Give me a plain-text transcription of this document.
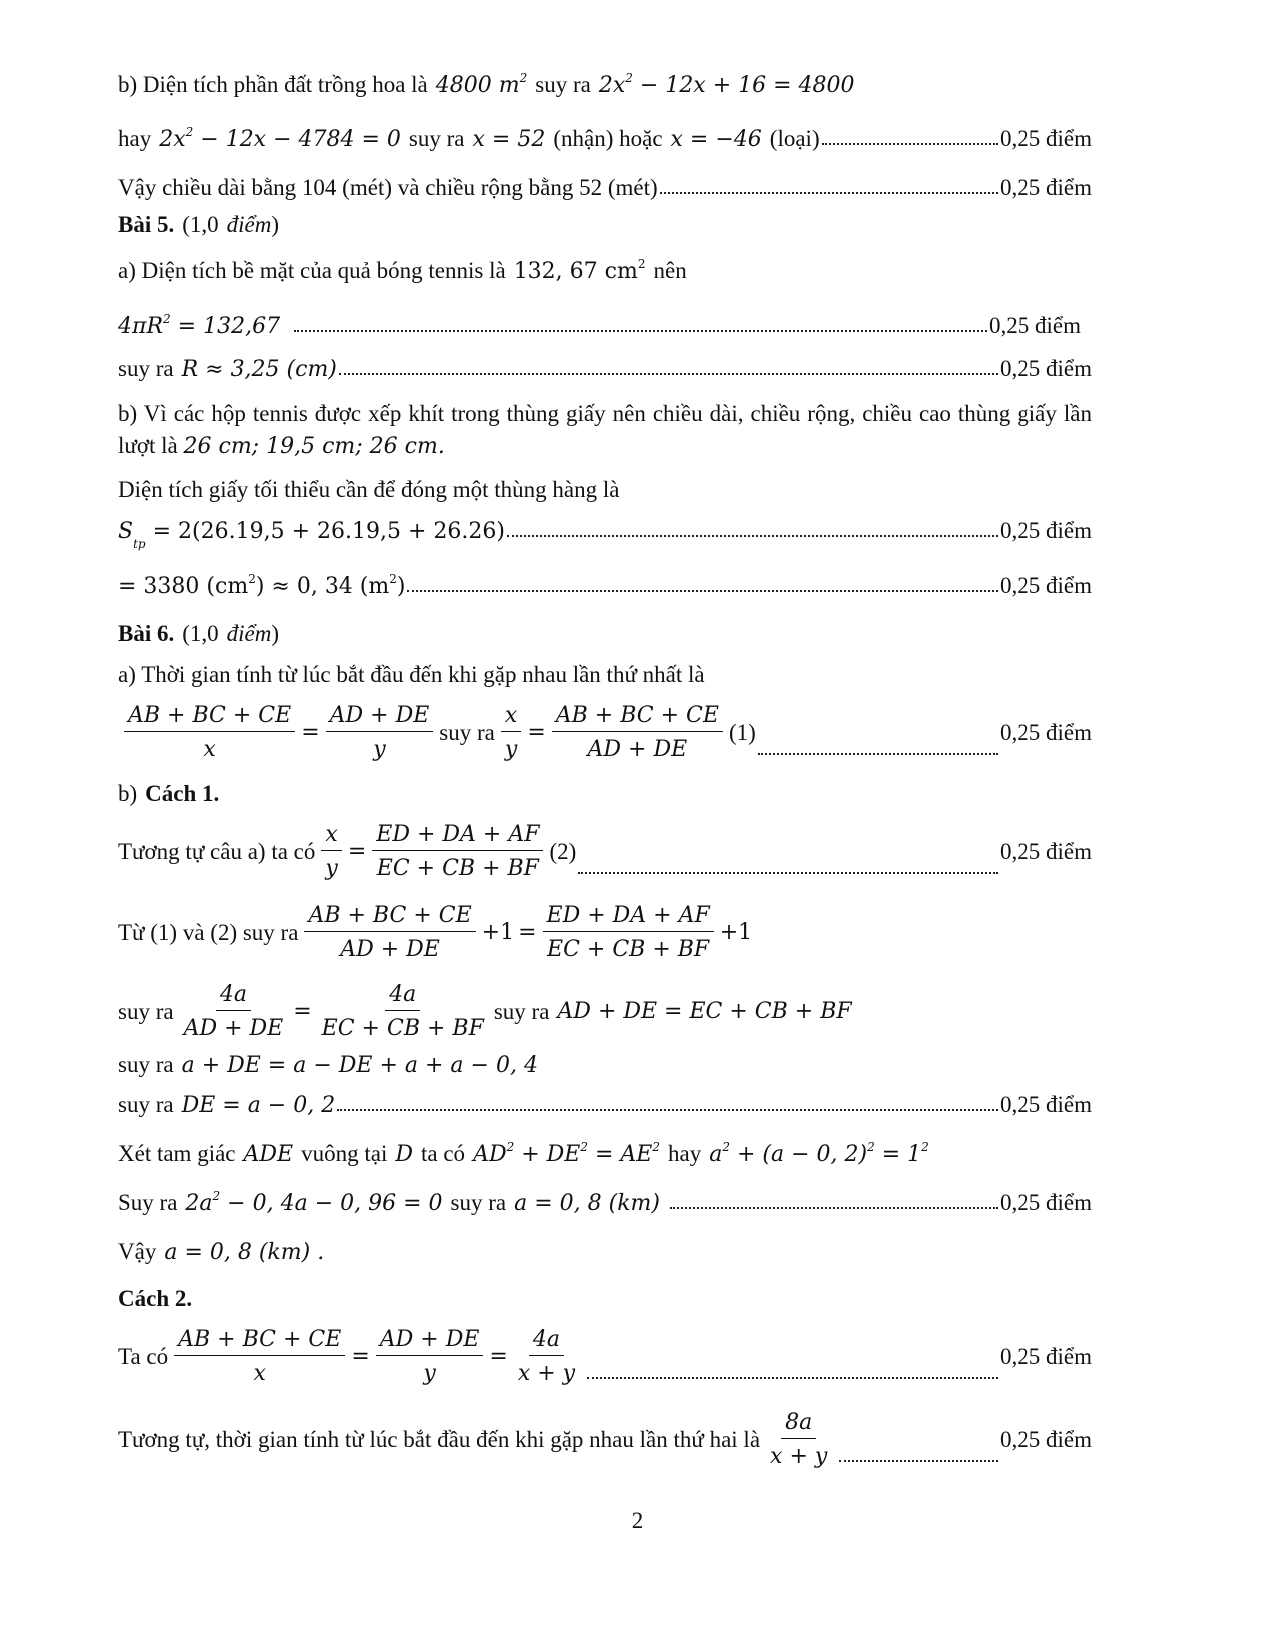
b) Diện tích phần đất trồng hoa là 4800 $m^2$ suy ra $2x^2 - 12x + 16 = 4800$
hay $2x^2 - 12x - 4784 = 0$ suy ra x = 52 (nhận) hoặc x = −46 (loại)	0,25 điểm
Vậy chiều dài bằng 104 (mét) và chiều rộng bằng 52 (mét)	0,25 điểm
Bài 5. (1,0 điểm )
a) Diện tích bề mặt của quả bóng tennis là 132, 67 $cm^2$ nên
$4\pi R^2 = 132,67$	0,25 điểm
suy ra R ≈ 3,25 (cm)	0,25 điểm
b) Vì các hộp tennis được xếp khít trong thùng giấy nên chiều dài, chiều rộng, chiều cao thùng giấy lần lượt là 26 cm; 19,5 cm; 26 cm.
Diện tích giấy tối thiểu cần để đóng một thùng hàng là
$S_{tp} = 2(26.19,5 + 26.19,5 + 26.26)$	0,25 điểm
= 3380 $(cm^2) \approx 0$, 34 $(m^2)$	0,25 điểm
Bài 6. (1,0 điểm )
a) Thời gian tính từ lúc bắt đầu đến khi gặp nhau lần thứ nhất là
$\frac{AB + BC + CE}{x} = \frac{AD + DE}{y}$ suy ra $\frac{x}{y} = \frac{AB + BC + CE}{AD + DE} (1)$	0,25 điểm
b) Cách 1.
Tương tự câu a) ta có $\frac{x}{y} = \frac{ED + DA + AF}{EC + CB + BF} (2)$	0,25 điểm
Từ (1) và (2) suy ra $\frac{AB + BC + CE}{AD + DE} +1 = \frac{ED + DA + AF}{EC + CB + BF} +1$
suy ra $\frac{4a}{AD + DE} = \frac{4a}{EC + CB + BF}$ suy ra AD + DE = EC + CB + BF
suy ra a + DE = a − DE + a + a − 0, 4
suy ra DE = a − 0, 2	0,25 điểm
Xét tam giác ADE vuông tại D ta có $AD^2 + DE^2 = AE^2$ hay $a^2 + (a - 0$, $2)^2 = 1^2$
Suy ra $2a^2 - 0$, 4a − 0, 96 = 0 suy ra a = 0, 8 (km)	0,25 điểm
Vậy a = 0, 8 (km) .
Cách 2.
Ta có $\frac{AB + BC + CE}{x} = \frac{AD + DE}{y} = \frac{4a}{x + y}$	0,25 điểm
Tương tự, thời gian tính từ lúc bắt đầu đến khi gặp nhau lần thứ hai là $\frac{8a}{x + y}$	0,25 điểm
2
